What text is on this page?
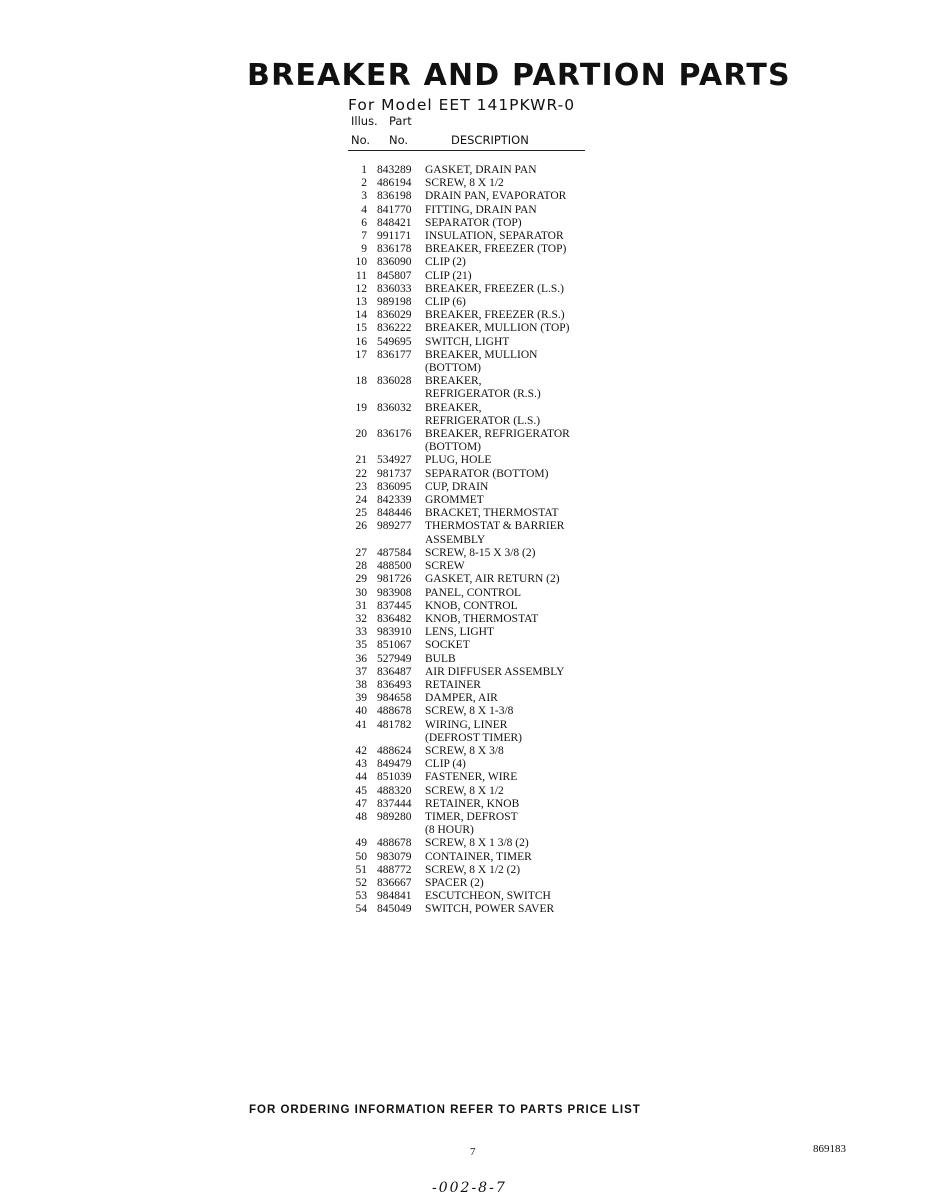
BREAKER AND PARTION PARTS
For Model EET 141PKWR-0
Illus. Part
No. No.	DESCRIPTION
1 843289	GASKET, DRAIN PAN
2 486194	SCREW, 8 X 1/2
3 836198	DRAIN PAN, EVAPORATOR
4 841770	FITTING, DRAIN PAN
6 848421	SEPARATOR (TOP)
7 991171	INSULATION, SEPARATOR
9 836178	BREAKER, FREEZER (TOP)
10 836090	CLIP (2)
11 845807	CLIP (21)
12 836033	BREAKER, FREEZER (L.S.)
13 989198	CLIP (6)
14 836029	BREAKER, FREEZER (R.S.)
15 836222	BREAKER, MULLION (TOP)
16 549695	SWITCH, LIGHT
17 836177	BREAKER, MULLION
(BOTTOM)
18 836028	BREAKER,
REFRIGERATOR (R.S.)
19 836032	BREAKER,
REFRIGERATOR (L.S.)
20 836176	BREAKER, REFRIGERATOR
(BOTTOM)
21 534927	PLUG, HOLE
22 981737	SEPARATOR (BOTTOM)
23 836095	CUP, DRAIN
24 842339	GROMMET
25 848446	BRACKET, THERMOSTAT
26 989277	THERMOSTAT & BARRIER
ASSEMBLY
27 487584	SCREW, 8-15 X 3/8 (2)
28 488500	SCREW
29 981726	GASKET, AIR RETURN (2)
30 983908	PANEL, CONTROL
31 837445	KNOB, CONTROL
32 836482	KNOB, THERMOSTAT
33 983910	LENS, LIGHT
35 851067	SOCKET
36 527949	BULB
37 836487	AIR DIFFUSER ASSEMBLY
38 836493	RETAINER
39 984658	DAMPER, AIR
40 488678	SCREW, 8 X 1-3/8
41 481782	WIRING, LINER
(DEFROST TIMER)
42 488624	SCREW, 8 X 3/8
43 849479	CLIP (4)
44 851039	FASTENER, WIRE
45 488320	SCREW, 8 X 1/2
47 837444	RETAINER, KNOB
48 989280	TIMER, DEFROST
(8 HOUR)
49 488678	SCREW, 8 X 1 3/8 (2)
50 983079	CONTAINER, TIMER
51 488772	SCREW, 8 X 1/2 (2)
52 836667	SPACER (2)
53 984841	ESCUTCHEON, SWITCH
54 845049	SWITCH, POWER SAVER
FOR ORDERING INFORMATION REFER TO PARTS PRICE LIST
7	869183
-002-8-7
